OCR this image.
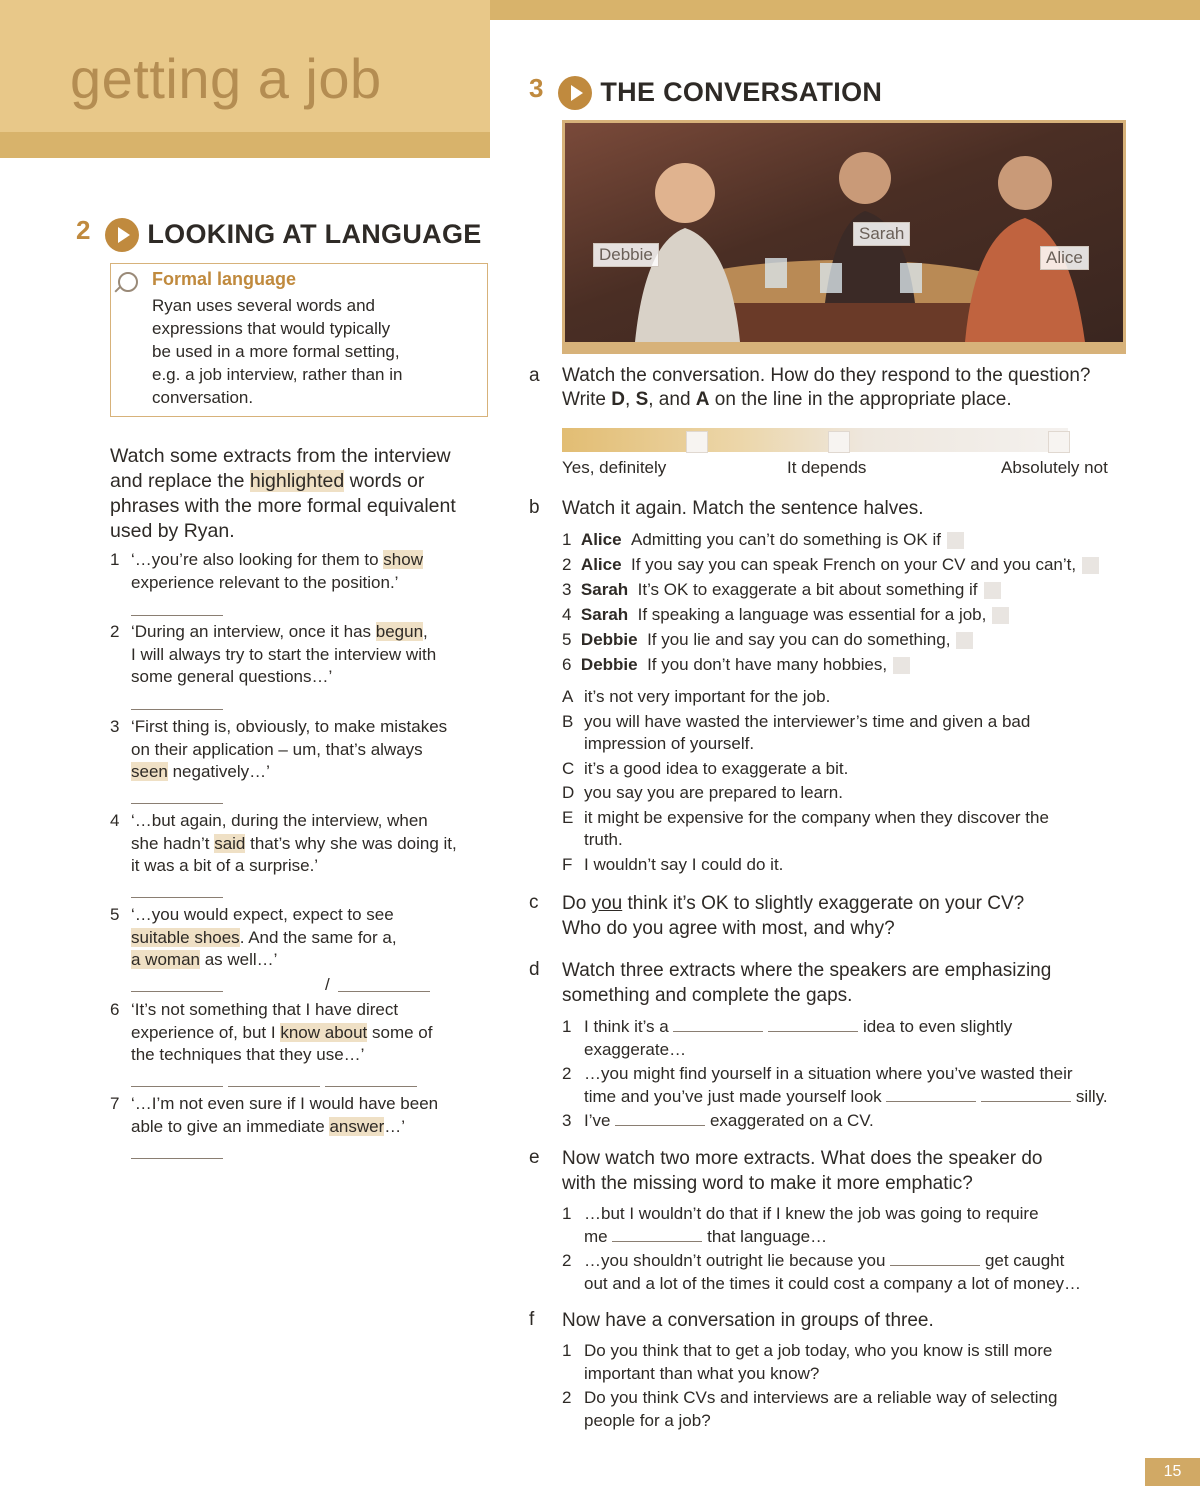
getting a job
2 LOOKING AT LANGUAGE
Formal language
Ryan uses several words and
expressions that would typically
be used in a more formal setting,
e.g. a job interview, rather than in
conversation.
Watch some extracts from the interview
and replace the highlighted words or
phrases with the more formal equivalent
used by Ryan.
1 ‘…you’re also looking for them to show
experience relevant to the position.’
2 ‘During an interview, once it has begun,
I will always try to start the interview with
some general questions…’
3 ‘First thing is, obviously, to make mistakes
on their application – um, that’s always
seen negatively…’
4 ‘…but again, during the interview, when
she hadn’t said that’s why she was doing it,
it was a bit of a surprise.’
5 ‘…you would expect, expect to see
suitable shoes. And the same for a,
a woman as well…’
/
6 ‘It’s not something that I have direct
experience of, but I know about some of
the techniques that they use…’
7 ‘…I’m not even sure if I would have been
able to give an immediate answer…’
3 THE CONVERSATION
Debbie
Sarah
Alice
a Watch the conversation. How do they respond to the question?
Write D, S, and A on the line in the appropriate place.
Yes, definitely	It depends	Absolutely not
b Watch it again. Match the sentence halves.
1 Alice Admitting you can’t do something is OK if
2 Alice If you say you can speak French on your CV and you can’t,
3 Sarah It’s OK to exaggerate a bit about something if
4 Sarah If speaking a language was essential for a job,
5 Debbie If you lie and say you can do something,
6 Debbie If you don’t have many hobbies,
A it’s not very important for the job.
B you will have wasted the interviewer’s time and given a bad
impression of yourself.
C it’s a good idea to exaggerate a bit.
D you say you are prepared to learn.
E it might be expensive for the company when they discover the
truth.
F I wouldn’t say I could do it.
c Do you think it’s OK to slightly exaggerate on your CV?
Who do you agree with most, and why?
d Watch three extracts where the speakers are emphasizing
something and complete the gaps.
1 I think it’s a	idea to even slightly
exaggerate…
2 …you might find yourself in a situation where you’ve wasted their
time and you’ve just made yourself look	silly.
3 I’ve	exaggerated on a CV.
e Now watch two more extracts. What does the speaker do
with the missing word to make it more emphatic?
1 …but I wouldn’t do that if I knew the job was going to require
me	that language…
2 …you shouldn’t outright lie because you	get caught
out and a lot of the times it could cost a company a lot of money…
f Now have a conversation in groups of three.
1 Do you think that to get a job today, who you know is still more
important than what you know?
2 Do you think CVs and interviews are a reliable way of selecting
people for a job?
15
